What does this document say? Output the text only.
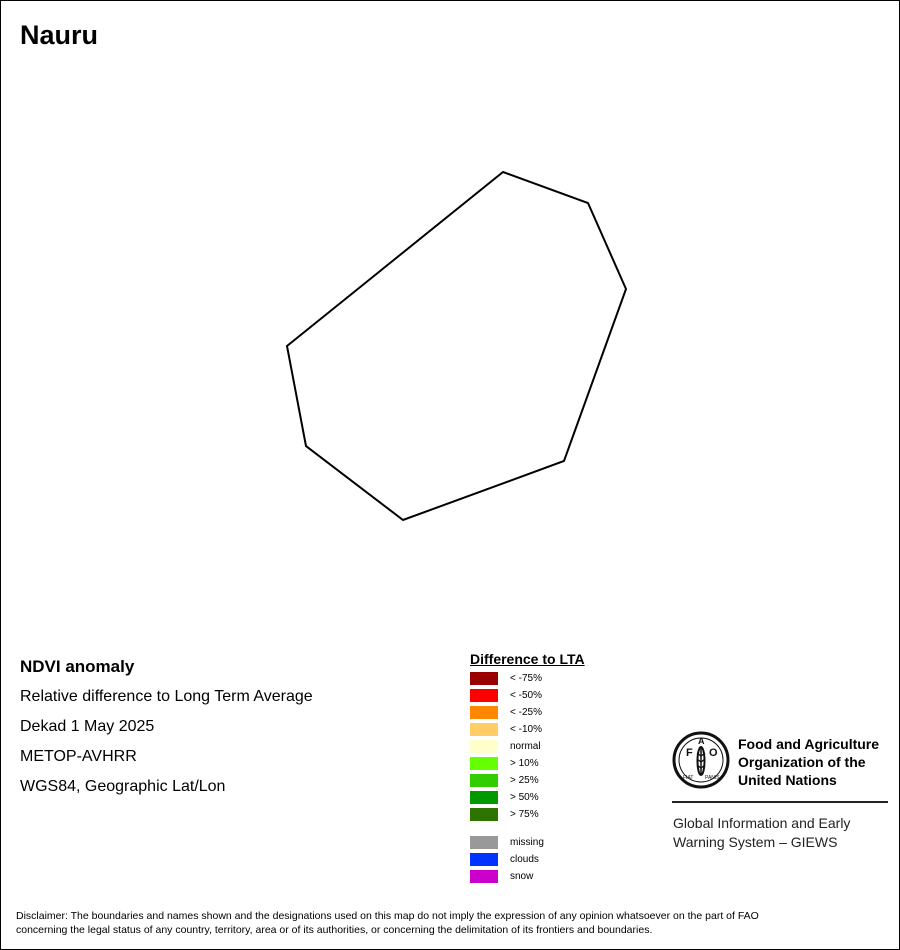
Nauru
NDVI anomaly
Relative difference to Long Term Average
Dekad 1 May 2025
METOP-AVHRR
WGS84, Geographic Lat/Lon
Difference to LTA
< -75%
< -50%
< -25%
< -10%
normal
> 10%
> 25%
> 50%
> 75%
missing
clouds
snow
F O
A
FIAT PANIS
Food and Agriculture
Organization of the
United Nations
Global Information and Early
Warning System – GIEWS
Disclaimer: The boundaries and names shown and the designations used on this map do not imply the expression of any opinion whatsoever on the part of FAO
concerning the legal status of any country, territory, area or of its authorities, or concerning the delimitation of its frontiers and boundaries.
